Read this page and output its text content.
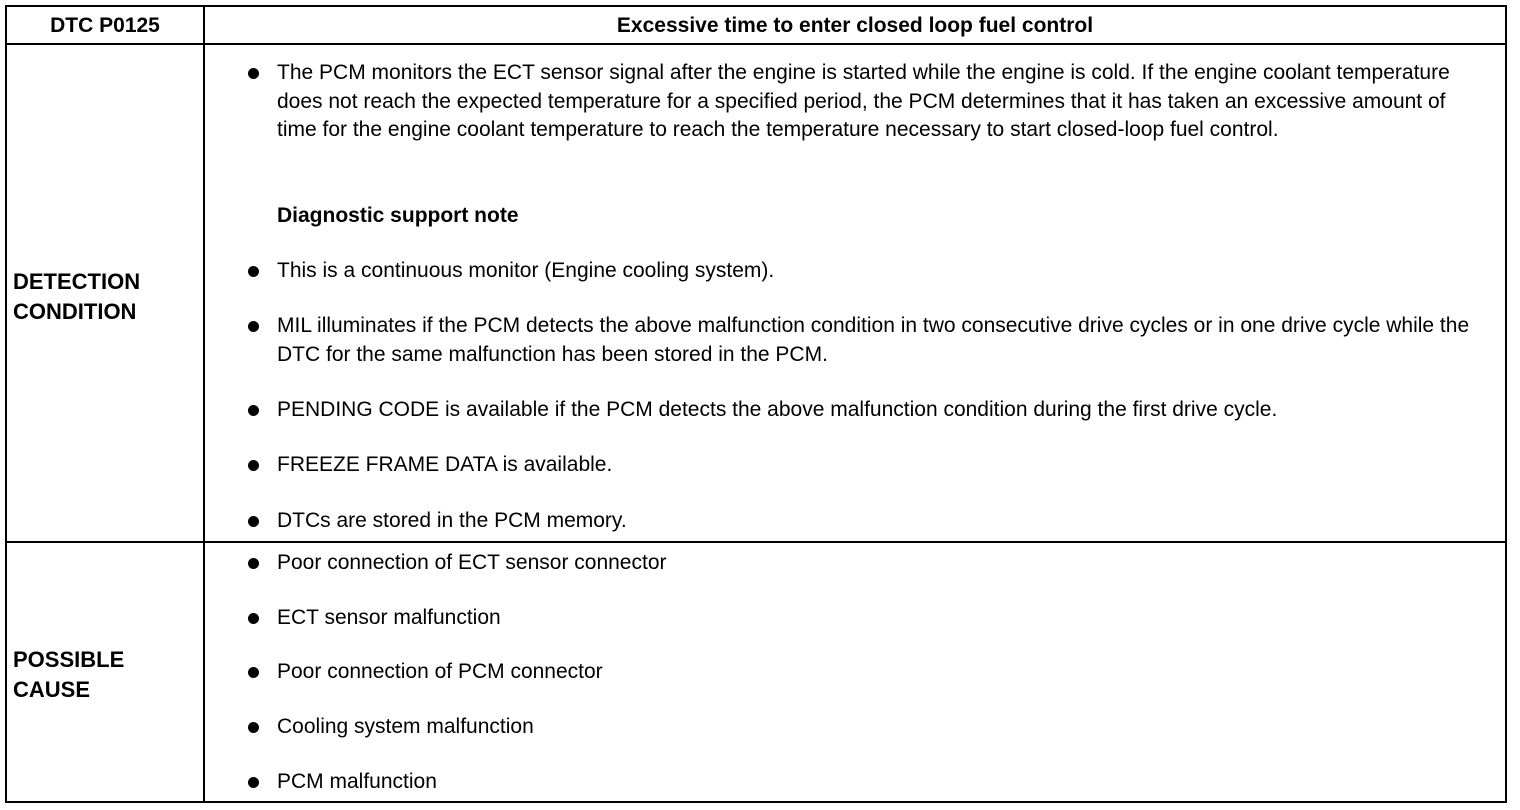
DTC P0125	Excessive time to enter closed loop fuel control
DETECTION CONDITION
POSSIBLE CAUSE
The PCM monitors the ECT sensor signal after the engine is started while the engine is cold. If the engine coolant temperature does not reach the expected temperature for a specified period, the PCM determines that it has taken an excessive amount of time for the engine coolant temperature to reach the temperature necessary to start closed-loop fuel control.
Diagnostic support note
This is a continuous monitor (Engine cooling system).
MIL illuminates if the PCM detects the above malfunction condition in two consecutive drive cycles or in one drive cycle while the DTC for the same malfunction has been stored in the PCM.
PENDING CODE is available if the PCM detects the above malfunction condition during the first drive cycle.
FREEZE FRAME DATA is available.
DTCs are stored in the PCM memory.
Poor connection of ECT sensor connector
ECT sensor malfunction
Poor connection of PCM connector
Cooling system malfunction
PCM malfunction
